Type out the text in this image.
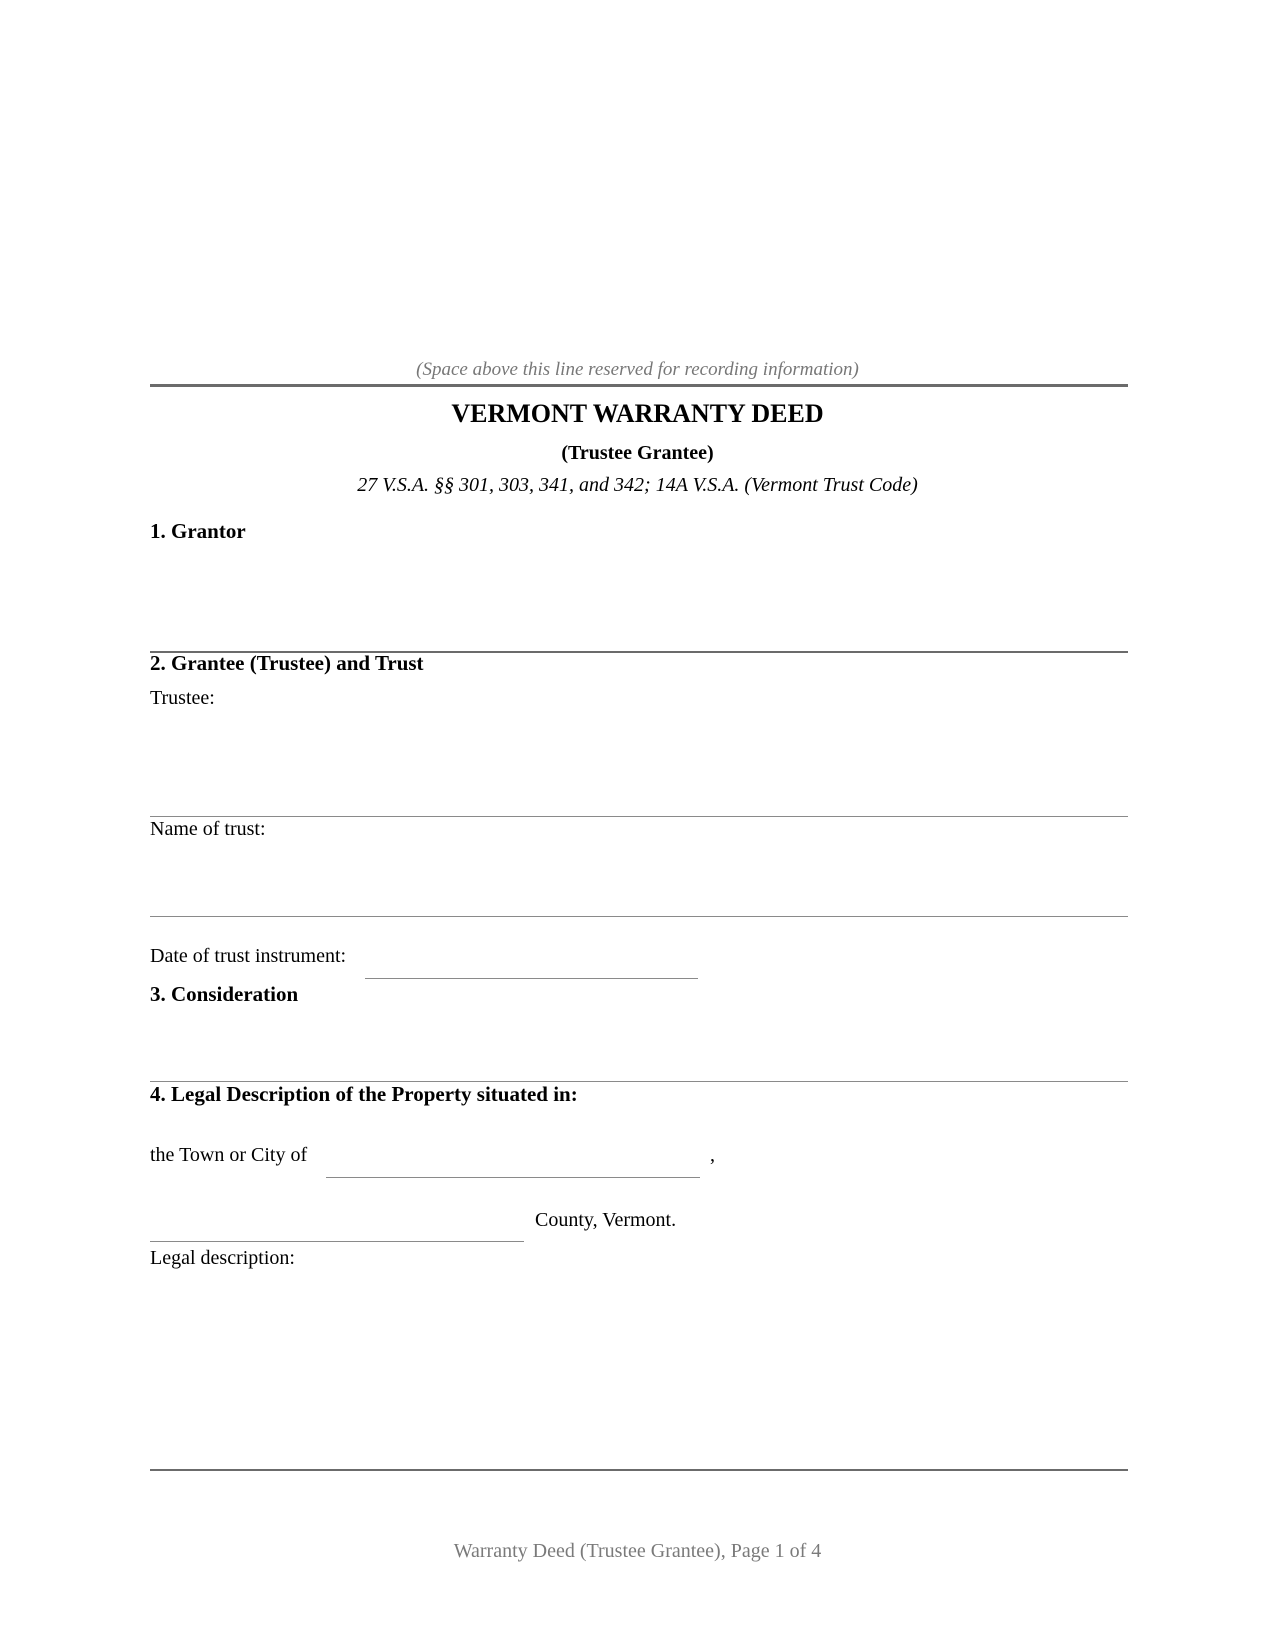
(Space above this line reserved for recording information)
VERMONT WARRANTY DEED
(Trustee Grantee)
27 V.S.A. §§ 301, 303, 341, and 342; 14A V.S.A. (Vermont Trust Code)
1. Grantor
2. Grantee (Trustee) and Trust
Trustee:
Name of trust:
Date of trust instrument:
3. Consideration
4. Legal Description of the Property situated in:
the Town or City of	,
County, Vermont.
Legal description:
Warranty Deed (Trustee Grantee), Page 1 of 4
